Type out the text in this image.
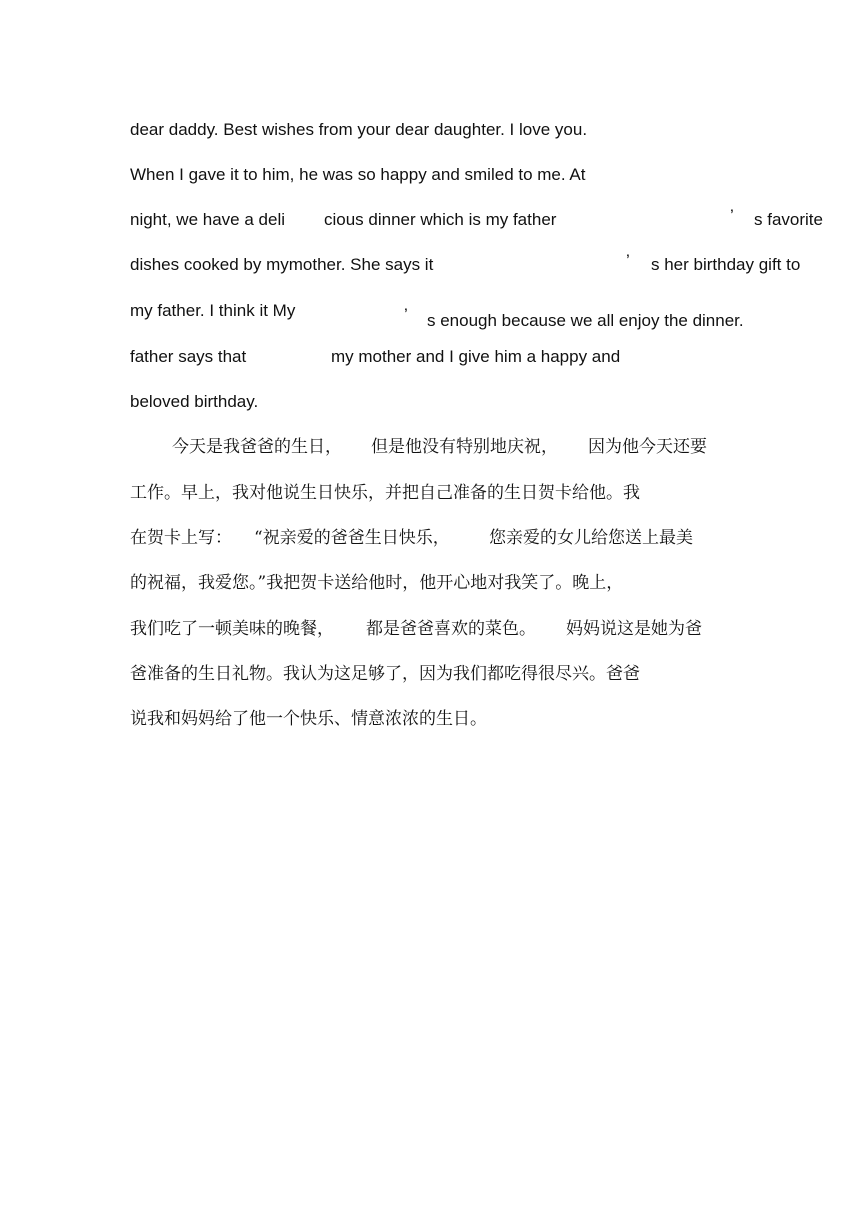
dear daddy. Best wishes from your dear daughter. I love you.
When I gave it to him, he was so happy and smiled to me. At
night, we have a deli cious dinner which is my father	’ s favorite
dishes cooked by mymother. She says it	’ s her birthday gift to
my father. I think it My	’ s enough because we all enjoy the dinner.
father says that	my mother and I give him a happy and
beloved birthday.
今天是我爸爸的生日， 但是他没有特别地庆祝， 因为他今天还要
工作。早上，我对他说生日快乐，并把自己准备的生日贺卡给他。我
在贺卡上写： “祝亲爱的爸爸生日快乐， 您亲爱的女儿给您送上最美
的祝福，我爱您。”我把贺卡送给他时，他开心地对我笑了。晚上，
我们吃了一顿美味的晚餐， 都是爸爸喜欢的菜色。 妈妈说这是她为爸
爸准备的生日礼物。我认为这足够了，因为我们都吃得很尽兴。爸爸
说我和妈妈给了他一个快乐、情意浓浓的生日。
